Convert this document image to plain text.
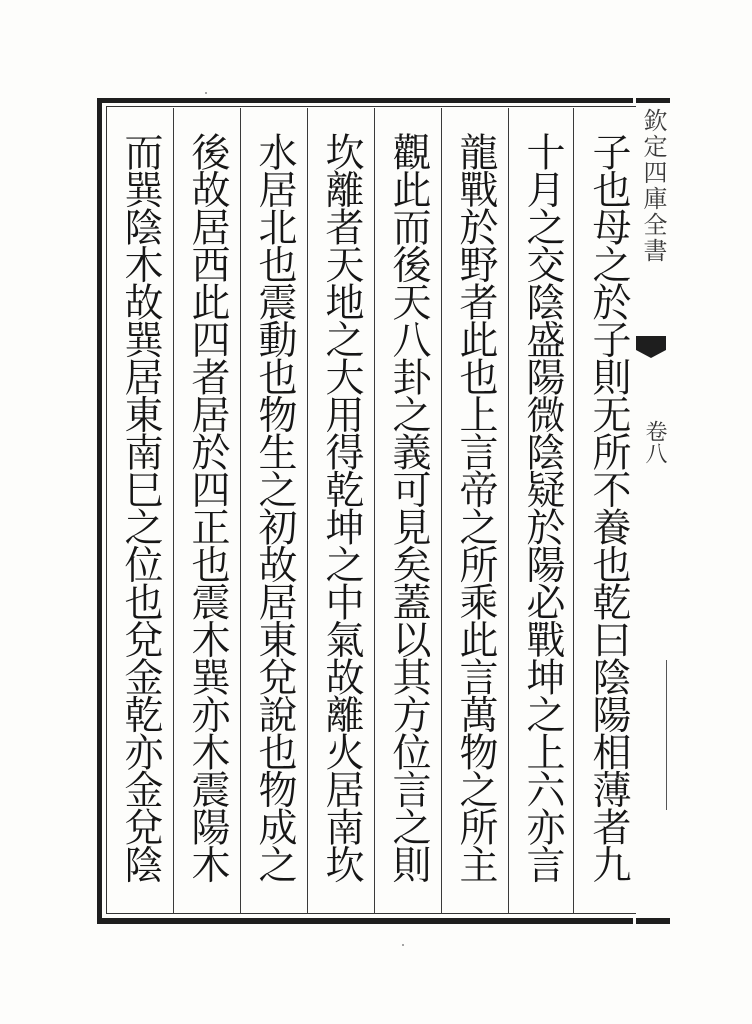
子也母之於子則无所不養也乾曰陰陽相薄者九
十月之交陰盛陽微陰疑於陽必戰坤之上六亦言
龍戰於野者此也上言帝之所乘此言萬物之所主
觀此而後天八卦之義可見矣蓋以其方位言之則
坎離者天地之大用得乾坤之中氣故離火居南坎
水居北也震動也物生之初故居東兌說也物成之
後故居西此四者居於四正也震木巽亦木震陽木
而巽陰木故巽居東南巳之位也兌金乾亦金兌陰	欽定四庫全書
卷八
